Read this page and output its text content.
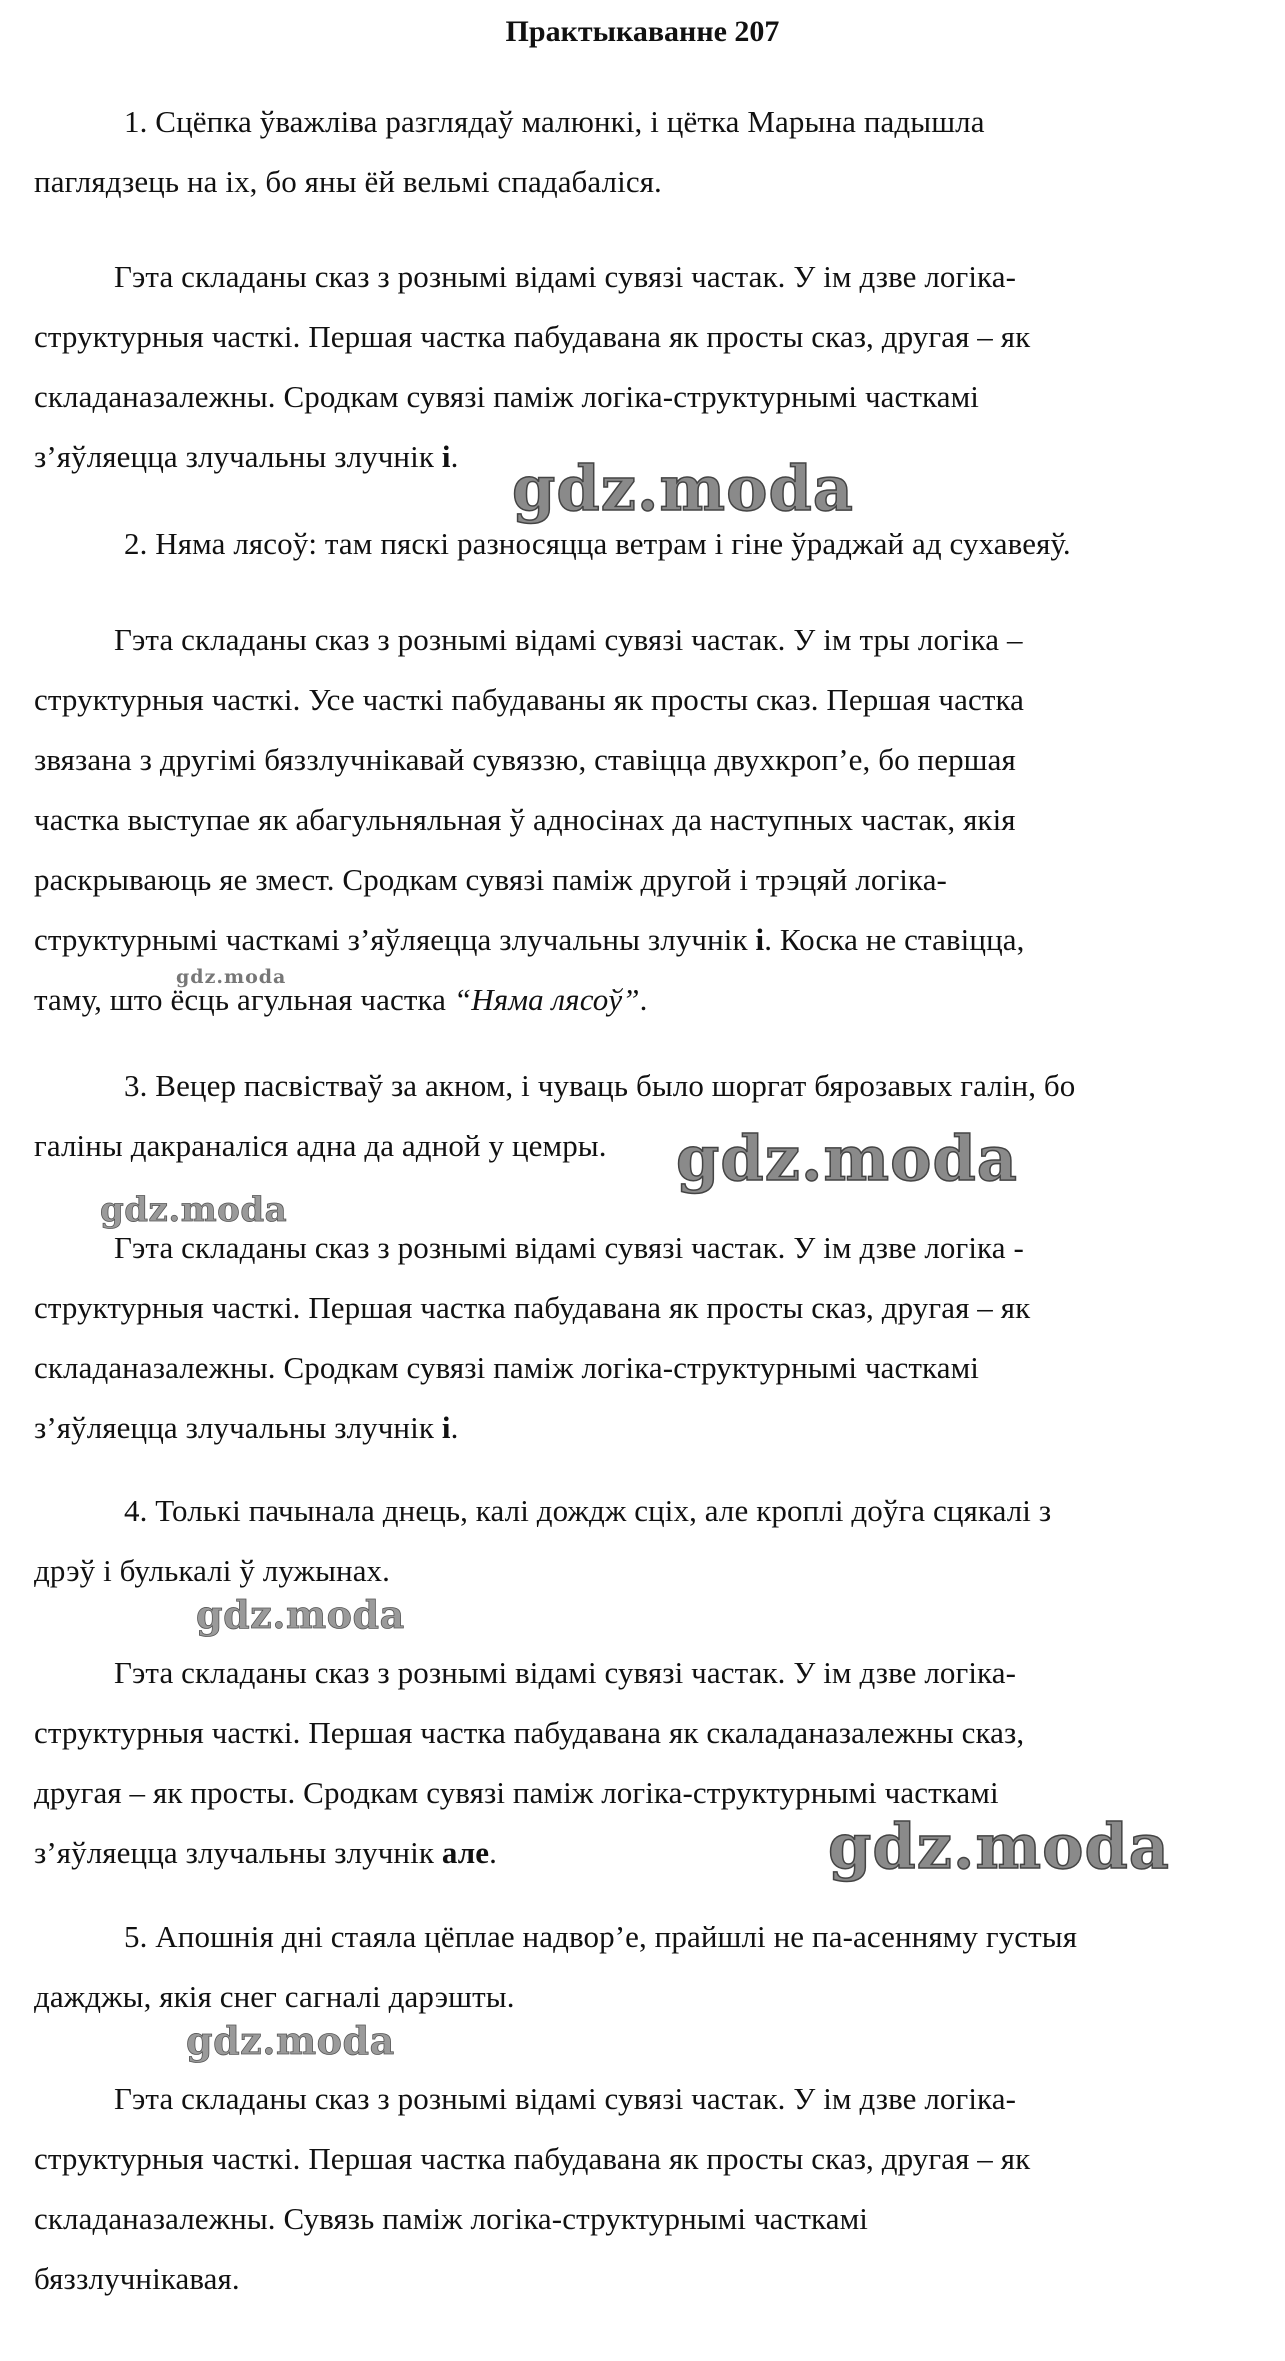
Практыкаванне 207
1. Сцёпка ўважліва разглядаў малюнкі, і цётка Марына падышла
паглядзець на іх, бо яны ёй вельмі спадабаліся.
Гэта складаны сказ з рознымі відамі сувязі частак. У ім дзве логіка-
структурныя часткі. Першая частка пабудавана як просты сказ, другая – як
складаназалежны. Сродкам сувязі паміж логіка-структурнымі часткамі
з’яўляецца злучальны злучнік і.
2. Няма лясоў: там пяскі разносяцца ветрам і гіне ўраджай ад сухавеяў.
Гэта складаны сказ з рознымі відамі сувязі частак. У ім тры логіка –
структурныя часткі. Усе часткі пабудаваны як просты сказ. Першая частка
звязана з другімі бяззлучнікавай сувяззю, ставіцца двухкроп’е, бо першая
частка выступае як абагульняльная ў адносінах да наступных частак, якія
раскрываюць яе змест. Сродкам сувязі паміж другой і трэцяй логіка-
структурнымі часткамі з’яўляецца злучальны злучнік і. Коска не ставіцца,
таму, што ёсць агульная частка “Няма лясоў”.
3. Вецер пасвістваў за акном, і чуваць было шоргат бярозавых галін, бо
галіны дакраналіся адна да адной у цемры.
Гэта складаны сказ з рознымі відамі сувязі частак. У ім дзве логіка -
структурныя часткі. Першая частка пабудавана як просты сказ, другая – як
складаназалежны. Сродкам сувязі паміж логіка-структурнымі часткамі
з’яўляецца злучальны злучнік і.
4. Толькі пачынала днець, калі дождж сціх, але кроплі доўга сцякалі з
дрэў і булькалі ў лужынах.
Гэта складаны сказ з рознымі відамі сувязі частак. У ім дзве логіка-
структурныя часткі. Першая частка пабудавана як скаладаназалежны сказ,
другая – як просты. Сродкам сувязі паміж логіка-структурнымі часткамі
з’яўляецца злучальны злучнік але.
5. Апошнія дні стаяла цёплае надвор’е, прайшлі не па-асенняму густыя
дажджы, якія снег сагналі дарэшты.
Гэта складаны сказ з рознымі відамі сувязі частак. У ім дзве логіка-
структурныя часткі. Першая частка пабудавана як просты сказ, другая – як
складаназалежны. Сувязь паміж логіка-структурнымі часткамі
бяззлучнікавая.
gdz.moda
gdz.moda
gdz.moda
gdz.moda
gdz.moda
gdz.moda
gdz.moda
